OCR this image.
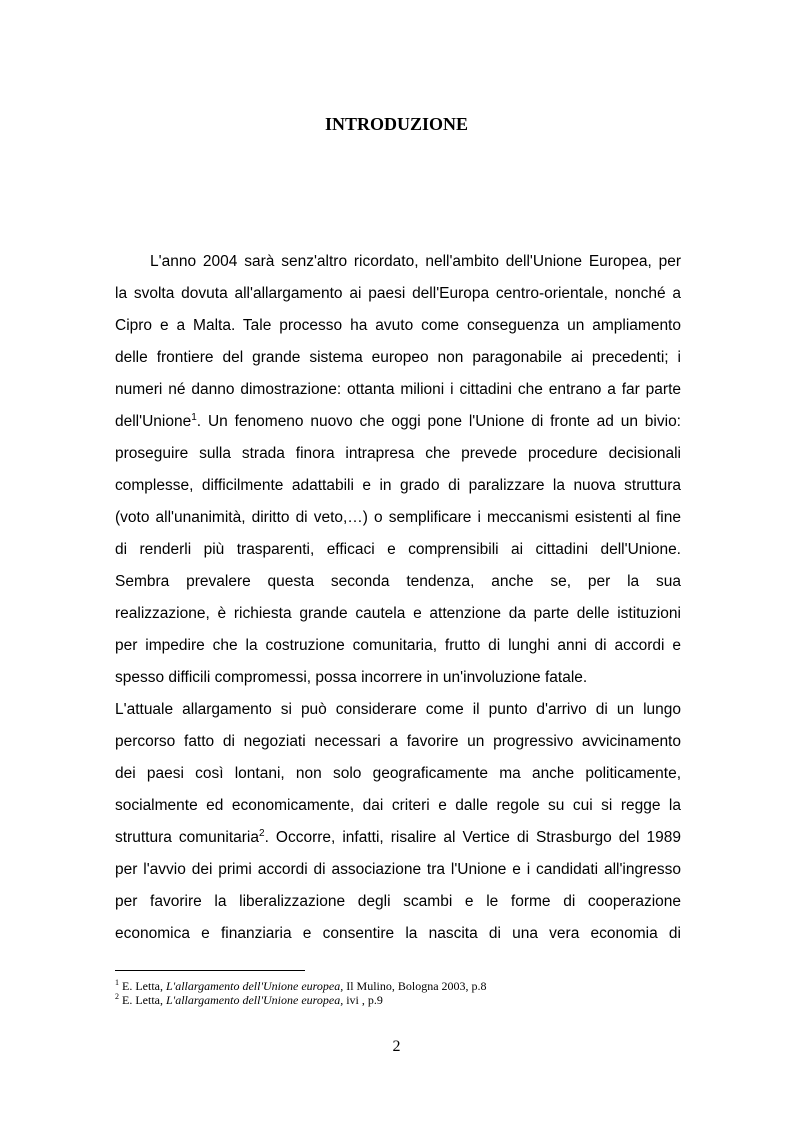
INTRODUZIONE
L'anno 2004 sarà senz'altro ricordato, nell'ambito dell'Unione Europea, per
la svolta dovuta all'allargamento ai paesi dell'Europa centro-orientale, nonché a
Cipro e a Malta. Tale processo ha avuto come conseguenza un ampliamento
delle frontiere del grande sistema europeo non paragonabile ai precedenti; i
numeri né danno dimostrazione: ottanta milioni i cittadini che entrano a far parte
dell'Unione$^1$. Un fenomeno nuovo che oggi pone l'Unione di fronte ad un bivio:
proseguire sulla strada finora intrapresa che prevede procedure decisionali
complesse, difficilmente adattabili e in grado di paralizzare la nuova struttura
(voto all'unanimità, diritto di veto,…) o semplificare i meccanismi esistenti al fine
di renderli più trasparenti, efficaci e comprensibili ai cittadini dell'Unione.
Sembra prevalere questa seconda tendenza, anche se, per la sua
realizzazione, è richiesta grande cautela e attenzione da parte delle istituzioni
per impedire che la costruzione comunitaria, frutto di lunghi anni di accordi e
spesso difficili compromessi, possa incorrere in un'involuzione fatale.
L'attuale allargamento si può considerare come il punto d'arrivo di un lungo
percorso fatto di negoziati necessari a favorire un progressivo avvicinamento
dei paesi così lontani, non solo geograficamente ma anche politicamente,
socialmente ed economicamente, dai criteri e dalle regole su cui si regge la
struttura comunitaria$^2$. Occorre, infatti, risalire al Vertice di Strasburgo del 1989
per l'avvio dei primi accordi di associazione tra l'Unione e i candidati all'ingresso
per favorire la liberalizzazione degli scambi e le forme di cooperazione
economica e finanziaria e consentire la nascita di una vera economia di
$^1$ E. Letta, L'allargamento dell'Unione europea, Il Mulino, Bologna 2003, p.8
$^2$ E. Letta, L'allargamento dell'Unione europea, ivi , p.9
2
